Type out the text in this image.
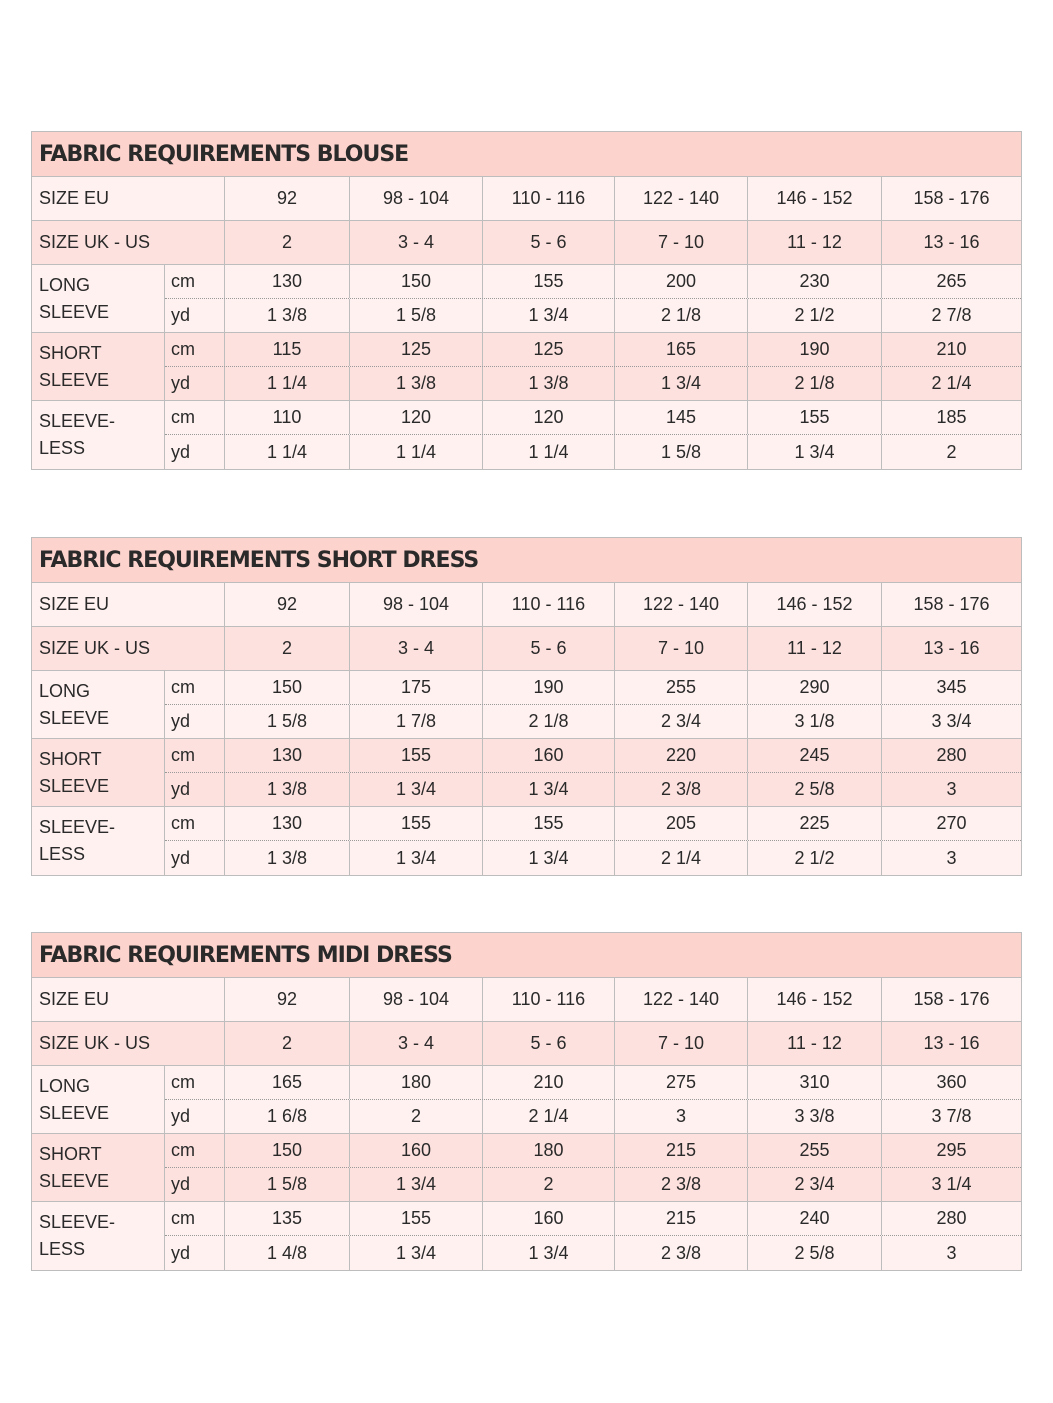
FABRIC REQUIREMENTS BLOUSE
SIZE EU	92	98 - 104	110 - 116	122 - 140	146 - 152	158 - 176
SIZE UK - US	2	3 - 4	5 - 6	7 - 10	11 - 12	13 - 16
LONG
SLEEVE
cm	130	150	155	200	230	265
yd	1 3/8	1 5/8	1 3/4	2 1/8	2 1/2	2 7/8
SHORT
SLEEVE
cm	115	125	125	165	190	210
yd	1 1/4	1 3/8	1 3/8	1 3/4	2 1/8	2 1/4
SLEEVE-
LESS
cm	110	120	120	145	155	185
yd	1 1/4	1 1/4	1 1/4	1 5/8	1 3/4	2
FABRIC REQUIREMENTS SHORT DRESS
SIZE EU	92	98 - 104	110 - 116	122 - 140	146 - 152	158 - 176
SIZE UK - US	2	3 - 4	5 - 6	7 - 10	11 - 12	13 - 16
LONG
SLEEVE
cm	150	175	190	255	290	345
yd	1 5/8	1 7/8	2 1/8	2 3/4	3 1/8	3 3/4
SHORT
SLEEVE
cm	130	155	160	220	245	280
yd	1 3/8	1 3/4	1 3/4	2 3/8	2 5/8	3
SLEEVE-
LESS
cm	130	155	155	205	225	270
yd	1 3/8	1 3/4	1 3/4	2 1/4	2 1/2	3
FABRIC REQUIREMENTS MIDI DRESS
SIZE EU	92	98 - 104	110 - 116	122 - 140	146 - 152	158 - 176
SIZE UK - US	2	3 - 4	5 - 6	7 - 10	11 - 12	13 - 16
LONG
SLEEVE
cm	165	180	210	275	310	360
yd	1 6/8	2	2 1/4	3	3 3/8	3 7/8
SHORT
SLEEVE
cm	150	160	180	215	255	295
yd	1 5/8	1 3/4	2	2 3/8	2 3/4	3 1/4
SLEEVE-
LESS
cm	135	155	160	215	240	280
yd	1 4/8	1 3/4	1 3/4	2 3/8	2 5/8	3
